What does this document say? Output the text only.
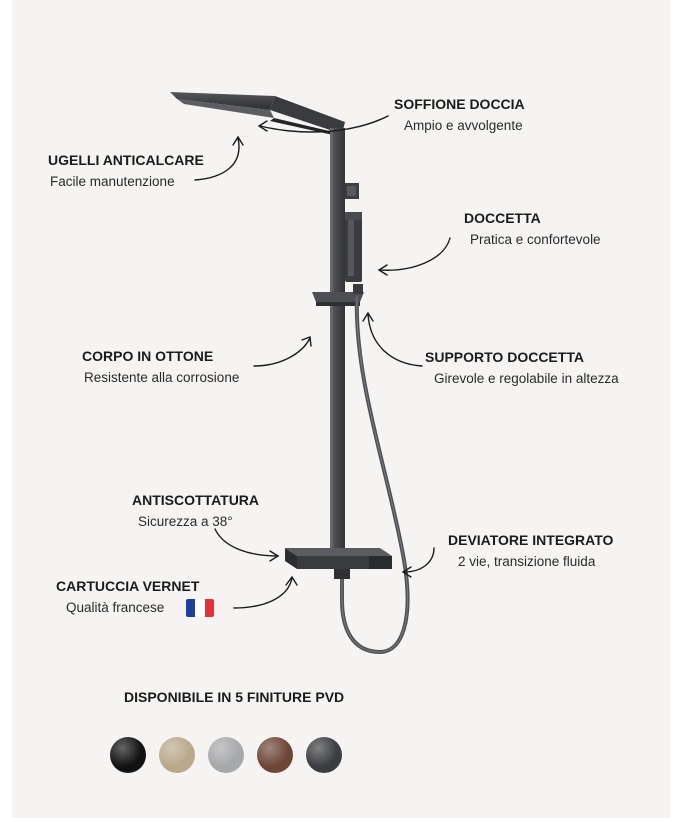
SOFFIONE DOCCIA
Ampio e avvolgente
UGELLI ANTICALCARE
Facile manutenzione
DOCCETTA
Pratica e confortevole
CORPO IN OTTONE
Resistente alla corrosione
SUPPORTO DOCCETTA
Girevole e regolabile in altezza
ANTISCOTTATURA
Sicurezza a 38°
DEVIATORE INTEGRATO
2 vie, transizione fluida
CARTUCCIA VERNET
Qualità francese
DISPONIBILE IN 5 FINITURE PVD
